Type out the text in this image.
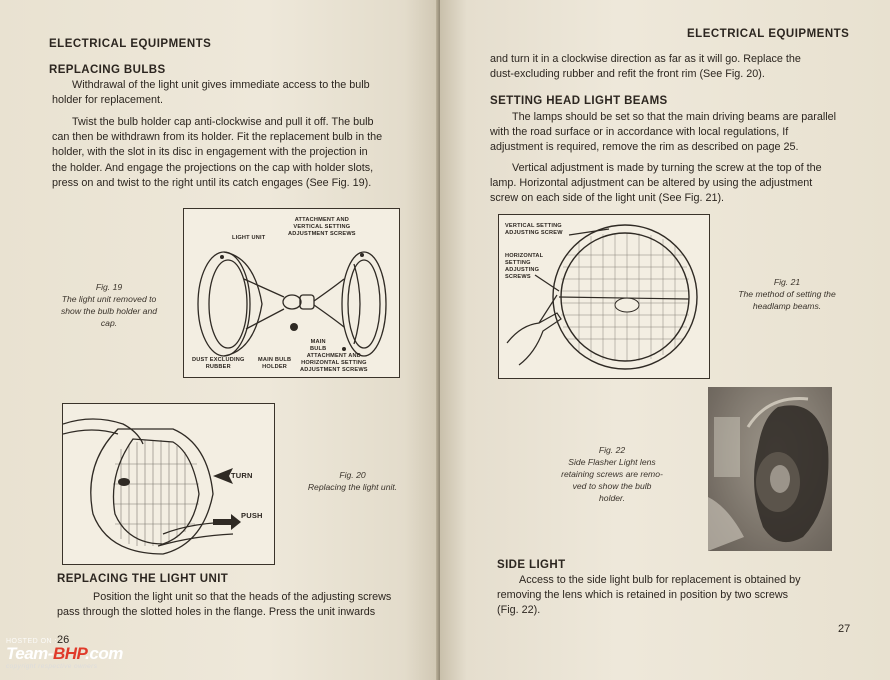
ELECTRICAL EQUIPMENTS
REPLACING BULBS
Withdrawal of the light unit gives immediate access to the bulb
holder for replacement.
Twist the bulb holder cap anti-clockwise and pull it off. The bulb
can then be withdrawn from its holder. Fit the replacement bulb in the
holder, with the slot in its disc in engagement with the projection in
the holder. And engage the projections on the cap with holder slots,
press on and twist to the right until its catch engages (See Fig. 19).
Fig. 19
The light unit removed to
show the bulb holder and
cap.
LIGHT UNIT
ATTACHMENT AND
VERTICAL SETTING
ADJUSTMENT SCREWS
DUST EXCLUDING
RUBBER
MAIN BULB
HOLDER
MAIN
BULB
ATTACHMENT AND
HORIZONTAL SETTING
ADJUSTMENT SCREWS
TURN
PUSH
Fig. 20
Replacing the light unit.
REPLACING THE LIGHT UNIT
Position the light unit so that the heads of the adjusting screws
pass through the slotted holes in the flange. Press the unit inwards
26
and turn it in a clockwise direction as far as it will go. Replace the
dust-excluding rubber and refit the front rim (See Fig. 20).
ELECTRICAL EQUIPMENTS
SETTING HEAD LIGHT BEAMS
The lamps should be set so that the main driving beams are parallel
with the road surface or in accordance with local regulations, If
adjustment is required, remove the rim as described on page 25.
Vertical adjustment is made by turning the screw at the top of the
lamp. Horizontal adjustment can be altered by using the adjustment
screw on each side of the light unit (See Fig. 21).
VERTICAL SETTING
ADJUSTING SCREW
HORIZONTAL
SETTING
ADJUSTING
SCREWS	Fig. 21
The method of setting the
headlamp beams.
Fig. 22
Side Flasher Light lens
retaining screws are remo-
ved to show the bulb
holder.
SIDE LIGHT
Access to the side light bulb for replacement is obtained by
removing the lens which is retained in position by two screws
(Fig. 22).
27
HOSTED ON :
Team-BHP.com
copyright respective owners
